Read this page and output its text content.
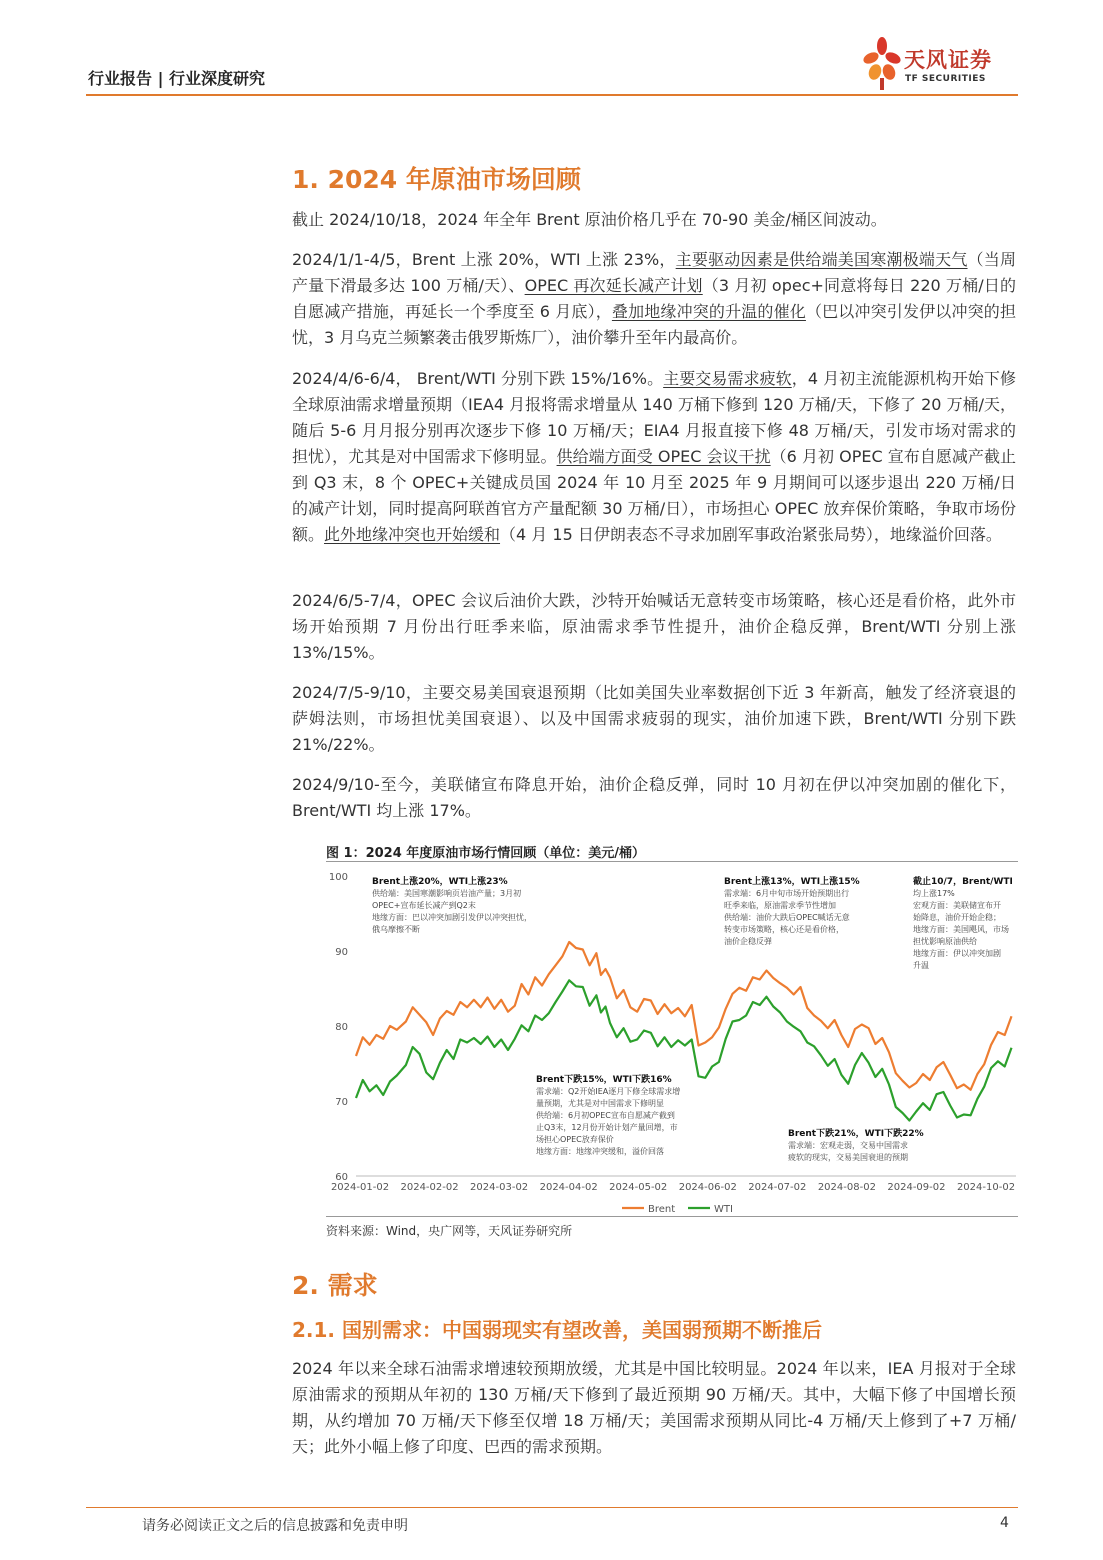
行业报告 | 行业深度研究
天风证券
TF SECURITIES
1. 2024 年原油市场回顾

截止 2024/10/18，2024 年全年 Brent 原油价格几乎在 70-90 美金/桶区间波动。

2024/1/1-4/5，Brent 上涨 20%，WTI 上涨 23%，主要驱动因素是供给端美国寒潮极端天气（当周产量下滑最多达 100 万桶/天）、OPEC 再次延长减产计划（3 月初 opec+同意将每日 220 万桶/日的自愿减产措施，再延长一个季度至 6 月底），叠加地缘冲突的升温的催化（巴以冲突引发伊以冲突的担忧，3 月乌克兰频繁袭击俄罗斯炼厂），油价攀升至年内最高价。

2024/4/6-6/4， Brent/WTI 分别下跌 15%/16%。主要交易需求疲软，4 月初主流能源机构开始下修全球原油需求增量预期（IEA4 月报将需求增量从 140 万桶下修到 120 万桶/天，下修了 20 万桶/天，随后 5-6 月月报分别再次逐步下修 10 万桶/天；EIA4 月报直接下修 48 万桶/天，引发市场对需求的担忧），尤其是对中国需求下修明显。供给端方面受 OPEC 会议干扰（6 月初 OPEC 宣布自愿减产截止到 Q3 末，8 个 OPEC+关键成员国 2024 年 10 月至 2025 年 9 月期间可以逐步退出 220 万桶/日的减产计划，同时提高阿联酋官方产量配额 30 万桶/日），市场担心 OPEC 放弃保价策略，争取市场份额。此外地缘冲突也开始缓和（4 月 15 日伊朗表态不寻求加剧军事政治紧张局势），地缘溢价回落。

2024/6/5-7/4，OPEC 会议后油价大跌，沙特开始喊话无意转变市场策略，核心还是看价格，此外市场开始预期 7 月份出行旺季来临，原油需求季节性提升，油价企稳反弹，Brent/WTI 分别上涨 13%/15%。

2024/7/5-9/10，主要交易美国衰退预期（比如美国失业率数据创下近 3 年新高，触发了经济衰退的萨姆法则，市场担忧美国衰退）、以及中国需求疲弱的现实，油价加速下跌，Brent/WTI 分别下跌 21%/22%。

2024/9/10-至今，美联储宣布降息开始，油价企稳反弹，同时 10 月初在伊以冲突加剧的催化下，Brent/WTI 均上涨 17%。

图 1：2024 年度原油市场行情回顾（单位：美元/桶）
100
90
80
70
60
2024-01-02 2024-02-02 2024-03-02 2024-04-02 2024-05-02 2024-06-02 2024-07-02 2024-08-02 2024-09-02 2024-10-02
Brent上涨20%，WTI上涨23%
供给端：美国寒潮影响页岩油产量；3月初
OPEC+宣布延长减产到Q2末
地缘方面：巴以冲突加剧引发伊以冲突担忧，
俄乌摩擦不断
Brent下跌15%，WTI下跌16%
需求端：Q2开始IEA逐月下修全球需求增
量预期，尤其是对中国需求下修明显
供给端：6月初OPEC宣布自愿减产截到
止Q3末，12月份开始计划产量回增，市
场担心OPEC放弃保价
地缘方面：地缘冲突缓和，溢价回落
Brent上涨13%，WTI上涨15%
需求端：6月中旬市场开始预期出行
旺季来临，原油需求季节性增加
供给端：油价大跌后OPEC喊话无意
转变市场策略，核心还是看价格，
油价企稳反弹
Brent下跌21%，WTI下跌22%
需求端：宏观走弱，交易中国需求
疲软的现实，交易美国衰退的预期
截止10/7，Brent/WTI
均上涨17%
宏观方面：美联储宣布开
始降息，油价开始企稳；
地缘方面：美国飓风，市场
担忧影响原油供给
地缘方面：伊以冲突加剧
升温
Brent	WTI
资料来源：Wind，央广网等，天风证券研究所
2. 需求
2.1. 国别需求：中国弱现实有望改善，美国弱预期不断推后

2024 年以来全球石油需求增速较预期放缓，尤其是中国比较明显。2024 年以来，IEA 月报对于全球原油需求的预期从年初的 130 万桶/天下修到了最近预期 90 万桶/天。其中，大幅下修了中国增长预期，从约增加 70 万桶/天下修至仅增 18 万桶/天；美国需求预期从同比-4 万桶/天上修到了+7 万桶/天；此外小幅上修了印度、巴西的需求预期。

请务必阅读正文之后的信息披露和免责申明	4
